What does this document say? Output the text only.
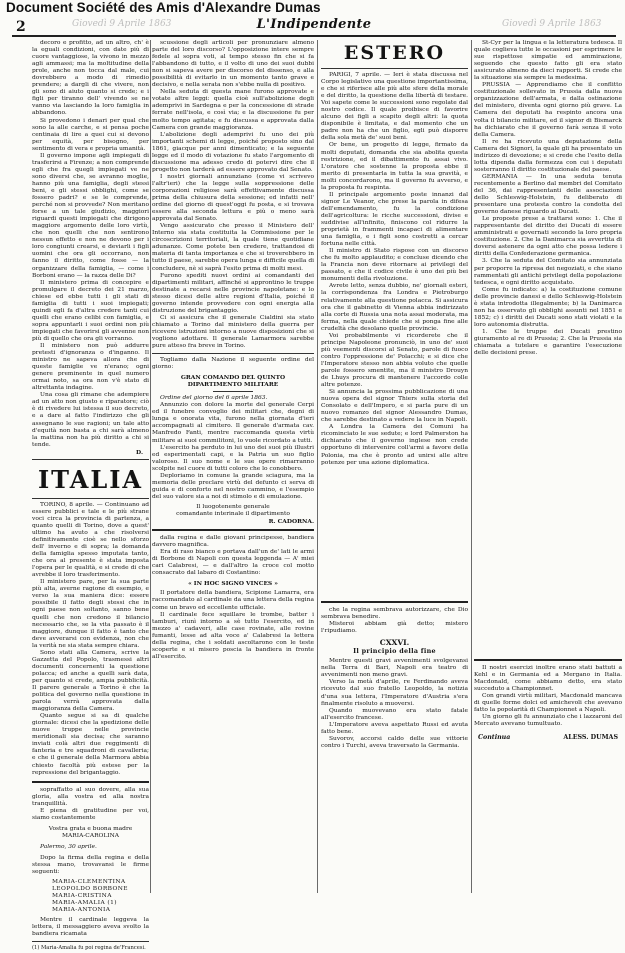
Document Société des Amis d'Alexandre Dumas
2	Giovedì 9 Aprile 1863	Giovedì 9 Aprile 1863
L'Indipendente

decoro e profitto, ad un altro, ch' è la eguali condizioni, con date più di cuore vantaggiose, la vivono in mezzo agli ammassi; ma la moltitudine della prole, anche non tocca dal male, cui dovrebbero a modo di rimedio prendere; a dargli di che vivere, non gli sono di aiuto quanto si crede; e i figli per tiranno dell' vivendo se ne vanno via lasciando la loro famiglia in abbandono.

Si provedono i denari per qual che sono la alle carche, e si pensa poche centinaia di lire a quei cui si devono per equità, per bisogno, per sentimento di vera e propria umanità.

Il governo impone agli impiegati di trasferirsi a Firenze; a non comprende egli che fra quegli impiegati ve ne sono diversi che, se avranno moglie, hanno più una famiglia, degli stessi beni, e gli stessi obblighi, come se fossero padri? e se le comprende, perché non si provvede? Non meritano forse a un tale giudizio, maggiori riguardi questi impiegati che dirigono maggiore argomento delle loro virtù, che non quelli che non sentirono nessun effetto e non ne devono per i loro congiunti crearsi, e deviarli i figli uomini che ora gli occorrano, non fanno il diritto, come fosse — la organizzare della famiglia, — come i Borboni erano — la razza delle Di?

Il ministero prima di concepire e promulgare il decreto dei 21 marzo, chiese ed ebbe tutti i gli stati di famiglia di tutti i suoi impiegati; quindi egli fa d'altra credere tanti cui quelli che erano celibi con famiglia, e sopra appuntarli i suoi ordini non più impiegati che favorirsi gli avvenne non più di quello che ora gli vorranno.

Il ministero non può addurre pretesti d'ignoranza o d'inganno. Il ministro ne sapeva allora che di queste famiglie ve n'erano; ogni genere preminente in quel numero ormai noto, sa ora non v'è stato di altrettanta indagine.

Una cosa gli rimane che adempiere ad un atto non giusto e riparatore; ciò è di rivedere lui istessa il suo decreto, e a dare al fatto l'indirizzo che gli assegnano le sue ragioni; un tale atto d'equità non basta a chi sarà almeno la mattina non ha più diritto a chi si tende.

D.
ITALIA

TORINO, 8 aprile. — Continuano ad essere pubblici e tale e le più strane voci circa la provincia di partenza, a quanto quelli di Torino, dove a quest' ultimo ha avuto a che risolversi definitivamente cioè se nello sforzo dell' inverno e di sopra; la domanda della famiglia spesso imputata tanto, che ora al presente è stata imposta l'opera per le qualità, e si crede di che avrebbe il loro trasferimento.

Il ministero pare, per la sua parte più alta, averne ragione di esempio, e verso la sua maniera dice: essere possibile il fatto degli stessi che in ogni paese non soltanto, sanno bene quelli che non credono il bilancio necessario che, se la vita passato è il maggiore, dunque il fatto è tanto che deve avverarsi con evidenza, non che la verità ne sia stata sempre chiara.

Sono stati alla Camera, scrive la Gazzetta del Popolo, trasmessi altri documenti concernenti la questione polacca; ed anche a quelli sarà data, per quanto si crede, ampia pubblicità. Il parere generale a Torino è che la politica del governo nella questione in parola verrà approvata dalla maggioranza della Camera.

Quanto segue si sa di qualche giornale: dicesi che la spedizione delle nuove truppe nelle provincie meridionali sia decisa; che saranno inviati colà altri due reggimenti di fanteria e tre squadroni di cavalleria; e che il generale della Marmora abbia chiesto facoltà più estese per la repressione del brigantaggio.

sopraffatto al suo dovere, alla sua gloria, alla vostra ed alla nostra tranquillità.

E piena di gratitudine per voi, siamo costantemente

Vostra grata e buona madre

MARIA-CAROLINA

Palermo, 30 aprile.

Dopo la firma della regina e della stessa mano, trovavansi le firme seguenti:

MARIA-CLEMENTINA

LEOPOLDO BORBONE

MARIA-CRISTINA

MARIA-AMALIA (1)

MARIA-ANTONIA

Mentre il cardinale leggeva la lettera, il messaggiero aveva svolto la bandiera ricamata

(1) Maria-Amalia fu poi regina de'Francesi.

scussione degli articoli per pronunziare almeno parte del loro discorso? L'opposizione intere sempre fedele al sopra voti, al tempo stesso fin che si fa l'abbandono di tutto, e il volto di uno dei suoi dubbi non si sapeva avere per discorso del dissenso, e alla possibilità di evitarlo in un momento tanto grave e decisivo, e nella serata non s'ebbe nulla di positivo.

Nella seduta di questa mane furono approvate e votate altre leggi: quella cioè sull'abolizione degli ademprivi in Sardegna e per la concessione di strade ferrate nell'isola, e così via; e la discussione fu per molto tempo agitata; e fu discussa e approvata dalla Camera con grande maggioranza.

L'abolizione degli ademprivi fu uno dei più importanti schemi di legge, poiché proposto sino dal 1861, giacque per anni dimenticato; e la seguente legge ed il modo di votazione fu stato l'argomento di discussione ma adesso credo di potervi dire che il progetto non tarderà ad essere approvato dal Senato.

I nostri giornali annunziano (come vi scrivevo l'altr'ieri) che la legge sulla soppressione delle corporazioni religiose sarà effettivamente discussa prima della chiusura della sessione; ed infatti nell' ordine del giorno di quest'oggi fu posta, e si trovava essere alla seconda lettura e più o meno sarà approvata dal Senato.

Vengo assicurato che presso il Ministero dell' Interno sia stata costituita la Commissione per le circoscrizioni territoriali, la quale tiene quotidiane adunanze. Come potete ben credere, trattandosi di materia di tanta importanza e che si troverebbero in tutto il paese, sarebbe opera lunga e difficile quella di concludere, nè si saprà l'esito prima di molti mesi.

Furono spediti nuovi ordini ai comandanti dei dipartimenti militari, affinché si approntino le truppe destinate a recarsi nelle provincie napoletane: e lo stesso dicesi delle altre regioni d'Italia, poiché il governo intende provvedere con ogni energia alla distruzione del brigantaggio.

Ci si assicura che il generale Cialdini sia stato chiamato a Torino dal ministero della guerra per ricevere istruzioni intorno a nuove disposizioni che si vogliono adottare. Il generale Lamarmora sarebbe pure atteso fra breve in Torino.

Togliamo dalla Nazione il seguente ordine del giorno:

GRAN COMANDO DEL QUINTO

DIPARTIMENTO MILITARE

Ordine del giorno del 6 aprile 1863.

Annunzio con dolore la morte del generale Cerpi ed il funebre convoglio dei militari che, degni di lunga e onorata vita, furono nella giornata d'ieri accompagnati al cimitero. Il generale d'armata cav. Manfredo Fanti, mentre raccomanda questa virtù militare ai suoi commilitoni, lo vuole ricordato a tutti.

L'esercito ha perduto in lui uno dei suoi più illustri ed esperimentati capi, e la Patria un suo figlio valoroso. Il suo nome e le sue opere rimarranno scolpite nel cuore di tutti coloro che lo conobbero.

Deploriamo in comune la grande sciagura, ma la memoria delle preclare virtù del defunto ci serva di guida e di conforto nel nostro cammino, e l'esempio del suo valore sia a noi di stimolo e di emulazione.

Il luogotenente generale
comandante interinale il dipartimento

R. CADORNA.

dalla regina e dalle giovani principesse, bandiera davvero magnifica.

Era di raso bianco e portava dall'un de' lati le armi di Borbone di Napoli con questa leggenda — A' miei cari Calabresi, — e dall'altro la croce col motto consacrato dal labaro di Costantino:

« IN HOC SIGNO VINCES »

Il portatore della bandiera, Scipione Lamarra, era raccomandato al cardinale da una lettera della regina come un bravo ed eccellente ufficiale.

Il cardinale fece squillare le trombe, batter i tamburi, riunì intorno a sè tutto l'esercito, ed in mezzo a' cadaveri, alle case rovinate, alle rovine fumanti, lesse ad alta voce a' Calabresi la lettera della regina, che i soldati ascoltarono con le teste scoperte e si misero poscia la bandiera in fronte all'esercito.

ESTERO

PARIGI, 7 aprile. — Ieri è stata discussa nel Corpo legislativo una questione importantissima, e che si riferisce alle più alte sfere della morale e del diritto, la questione della libertà di testare. Voi sapete come le successioni sono regolate dal nostro codice. Il quale proibisce di favorire alcuno dei figli a scapito degli altri: la quota disponibile è limitata, e dal momento che un padre non ha che un figlio, egli può disporre della sola metà de' suoi beni.

Or bene, un progetto di legge, firmato da molti deputati, domanda che sia abolita questa restrizione, ed il dibattimento fu assai vivo. L'oratore che sostenne la proposta ebbe il merito di presentarla in tutta la sua gravità, e molti concordarono, ma il governo fu avverso, e la proposta fu respinta.

Il principale argomento poste innanzi dal signor Le Veanor, che prese la parola in difesa dell'emendamento, fu la condizione dell'agricoltura: le ricche successioni, divise e suddivise all'infinito, finiscono col ridurre la proprietà in frammenti incapaci di alimentare una famiglia, e i figli sono costretti a cercar fortuna nelle città.

Il ministro di Stato rispose con un discorso che fu molto applaudito; e concluse dicendo che la Francia non deve ritornare ai privilegi del passato, e che il codice civile è uno dei più bei monumenti della rivoluzione.

Avrete letto, senza dubbio, ne' giornali esteri, la corrispondenza fra Londra e Pietroburgo relativamente alla questione polacca. Si assicura ora che il gabinetto di Vienna abbia indirizzato alla corte di Russia una nota assai moderata, ma ferma, nella quale chiede che si ponga fine alle crudeltà che desolano quelle provincie.

Voi probabilmente vi ricorderete che il principe Napoleone pronunciò, in uno de' suoi più veementi discorsi al Senato, parole di fuoco contro l'oppressione de' Polacchi; e si dice che l'Imperatore stesso non abbia voluto che quelle parole fossero smentite, ma il ministro Drouyn de Lhuys procura di mantenere l'accordo colle altre potenze.

Si annuncia la prossima pubblicazione di una nuova opera del signor Thiers sulla storia del Consolato e dell'Impero, e si parla pure di un nuovo romanzo del signor Alessandro Dumas, che sarebbe destinato a vedere la luce in Napoli.

A Londra la Camera dei Comuni ha ricominciato le sue sedute; e lord Palmerston ha dichiarato che il governo inglese non crede opportuno di intervenire coll'armi a favore della Polonia, ma che è pronto ad unirsi alle altre potenze per una azione diplomatica.

che la regina sembrava autorizzare, che Dio sembrava benedire.

Misteroi abbiam già detto; mistero l'ripudiamo.

CXXVI.
Il principio della fine

Mentre questi gravi avvenimenti svolgevansi nella Terra di Bari, Napoli era teatro di avvenimenti non meno gravi.

Verso la metà d'aprile, re Ferdinando aveva ricevuto dal suo fratello Leopoldo, la notizia d'una sua lettera, l'Imperatore d'Austria s'era finalmente risoluto a muoversi.

Quando muovevano era stato fatale all'esercito francese.

L'Imperatore aveva aspettato Russi ed avuta fatto bene.

Suvorov, accorsi caldo delle sue vittorie contro i Turchi, aveva traversato la Germania.

St-Cyr per la lingua e la letteratura tedesca. Il quale coglieva tutte le occasioni per esprimere le sue rispettose simpatie ed ammirazione, seguendo che questo fatto gli era stato assicurato almeno da dieci rapporti. Si crede che la situazione sia sempre la medesima.

PRUSSIA — Apprendiamo che il conflitto costituzionale sollevato in Prussia dalla nuova organizzazione dell'armata, e dalla ostinazione del ministero, diventa ogni giorno più grave. La Camera dei deputati ha respinto ancora una volta il bilancio militare, ed il signor di Bismarck ha dichiarato che il governo farà senza il voto della Camera.

Il re ha ricevuto una deputazione della Camera dei Signori, la quale gli ha presentato un indirizzo di devozione; e si crede che l'esito della lotta dipenda dalla fermezza con cui i deputati sosterranno il diritto costituzionale del paese.

GERMANIA — In una seduta tenuta recentemente a Berlino dal membri del Comitato del 36, dai rappresentanti delle associazioni dello Schleswig-Holstein, fu deliberato di presentare una protesta contro la condotta del governo danese riguardo ai Ducati.

Le proposte prese a trattarsi sono: 1. Che il rappresentante del diritto dei Ducati di essere amministrati e governati secondo la loro propria costituzione. 2. Che la Danimarca sia avvertita di doversi astenere da ogni atto che possa ledere i diritti della Confederazione germanica.

3. Che la seduta del Comitato sia annunziata per proporre la ripresa dei negoziati, e che siano rammentati gli antichi privilegi della popolazione tedesca, e ogni diritto acquistato.

Come fu indicato: a) la costituzione comune delle provincie danesi e dello Schleswig-Holstein è stata introdotta illegalmente; b) la Danimarca non ha osservato gli obblighi assunti nel 1851 e 1852; c) i diritti dei Ducati sono stati violati e la loro autonomia distrutta.

1. Che le truppe dei Ducati prestino giuramento al re di Prussia; 2. Che la Prussia sia chiamata a tutelare e garantire l'esecuzione delle decisioni prese.

Il nostri esercizi inoltre erano stati battuti a Kehl e in Germania ed a Mergano in Italia. Macdonald, come abbiamo detto, era stato succeduto a Championnet.

Con grandi virtù militari, Macdonald mancava di quelle forme dolci ed amichevoli che avevano fatto la popolarità di Championnet a Napoli.

Un giorno gli fu annunziato che i lazzaroni del Mercato avevano tumultuato.

Continua	ALESS. DUMAS
